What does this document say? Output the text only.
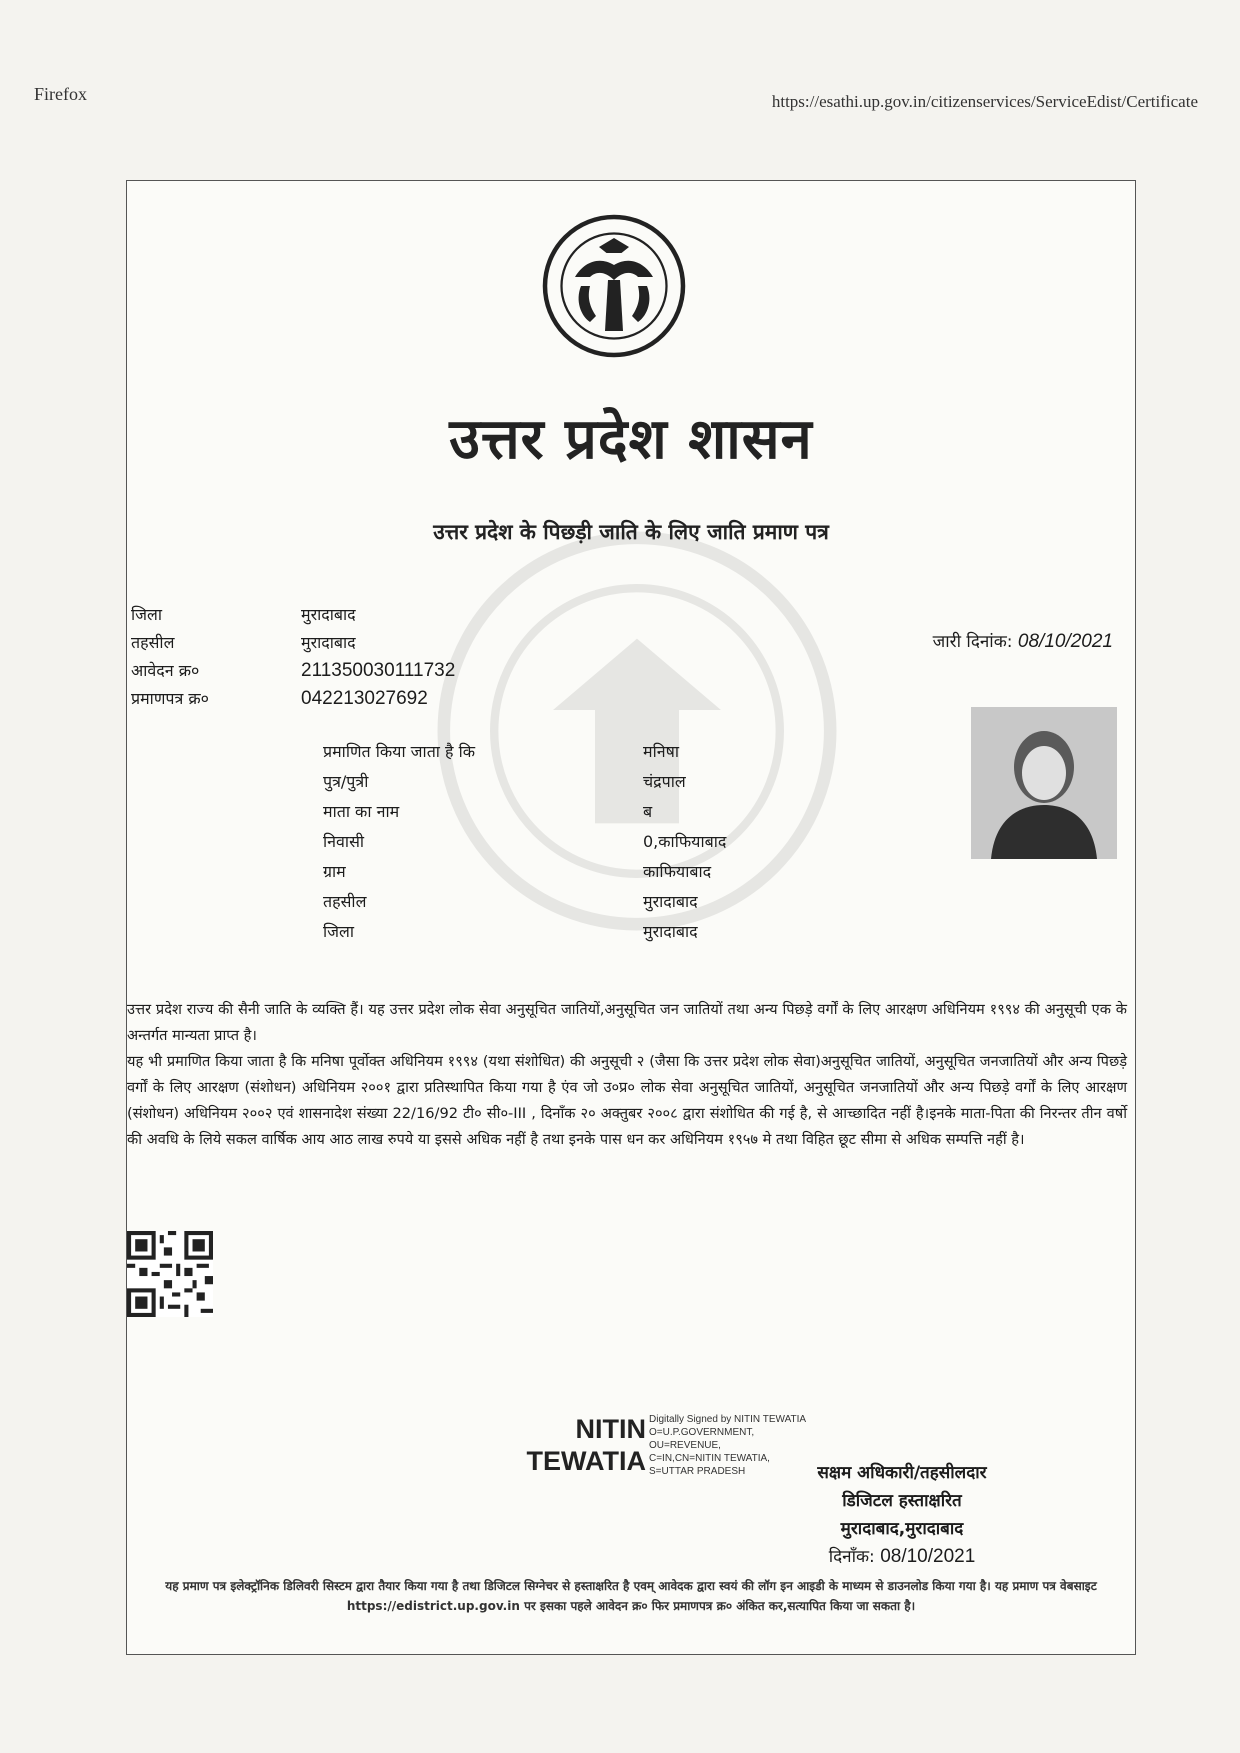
Firefox	https://esathi.up.gov.in/citizenservices/ServiceEdist/Certificate
उत्तर प्रदेश शासन
उत्तर प्रदेश के पिछड़ी जाति के लिए जाति प्रमाण पत्र
जिला	मुरादाबाद
तहसील	मुरादाबाद
आवेदन क्र०	211350030111732
प्रमाणपत्र क्र०	042213027692
जारी दिनांक: 08/10/2021
प्रमाणित किया जाता है कि	मनिषा
पुत्र/पुत्री	चंद्रपाल
माता का नाम	ब
निवासी	0,काफियाबाद
ग्राम	काफियाबाद
तहसील	मुरादाबाद
जिला	मुरादाबाद

उत्तर प्रदेश राज्य की सैनी जाति के व्यक्ति हैं। यह उत्तर प्रदेश लोक सेवा अनुसूचित जातियों,अनुसूचित जन जातियों तथा अन्य पिछड़े वर्गों के लिए आरक्षण अधिनियम १९९४ की अनुसूची एक के अन्तर्गत मान्यता प्राप्त है।

यह भी प्रमाणित किया जाता है कि मनिषा पूर्वोक्त अधिनियम १९९४ (यथा संशोधित) की अनुसूची २ (जैसा कि उत्तर प्रदेश लोक सेवा)अनुसूचित जातियों, अनुसूचित जनजातियों और अन्य पिछड़े वर्गों के लिए आरक्षण (संशोधन) अधिनियम २००१ द्वारा प्रतिस्थापित किया गया है एंव जो उ०प्र० लोक सेवा अनुसूचित जातियों, अनुसूचित जनजातियों और अन्य पिछड़े वर्गों के लिए आरक्षण (संशोधन) अधिनियम २००२ एवं शासनादेश संख्या 22/16/92 टी० सी०-III , दिनाँक २० अक्तुबर २००८ द्वारा संशोधित की गई है, से आच्छादित नहीं है।इनके माता-पिता की निरन्तर तीन वर्षो की अवधि के लिये सकल वार्षिक आय आठ लाख रुपये या इससे अधिक नहीं है तथा इनके पास धन कर अधिनियम १९५७ मे तथा विहित छूट सीमा से अधिक सम्पत्ति नहीं है।

NITIN
TEWATIA
Digitally Signed by NITIN TEWATIA
O=U.P.GOVERNMENT,
OU=REVENUE,
C=IN,CN=NITIN TEWATIA,
S=UTTAR PRADESH	सक्षम अधिकारी/तहसीलदार
डिजिटल हस्ताक्षरित
मुरादाबाद,मुरादाबाद
दिनाँक: 08/10/2021
यह प्रमाण पत्र इलेक्ट्रॉनिक डिलिवरी सिस्टम द्वारा तैयार किया गया है तथा डिजिटल सिग्नेचर से हस्ताक्षरित है एवम् आवेदक द्वारा स्वयं की लॉग इन आइडी के माध्यम से डाउनलोड किया गया है। यह प्रमाण पत्र वेबसाइट https://edistrict.up.gov.in पर इसका पहले आवेदन क्र० फिर प्रमाणपत्र क्र० अंकित कर,सत्यापित किया जा सकता है।
